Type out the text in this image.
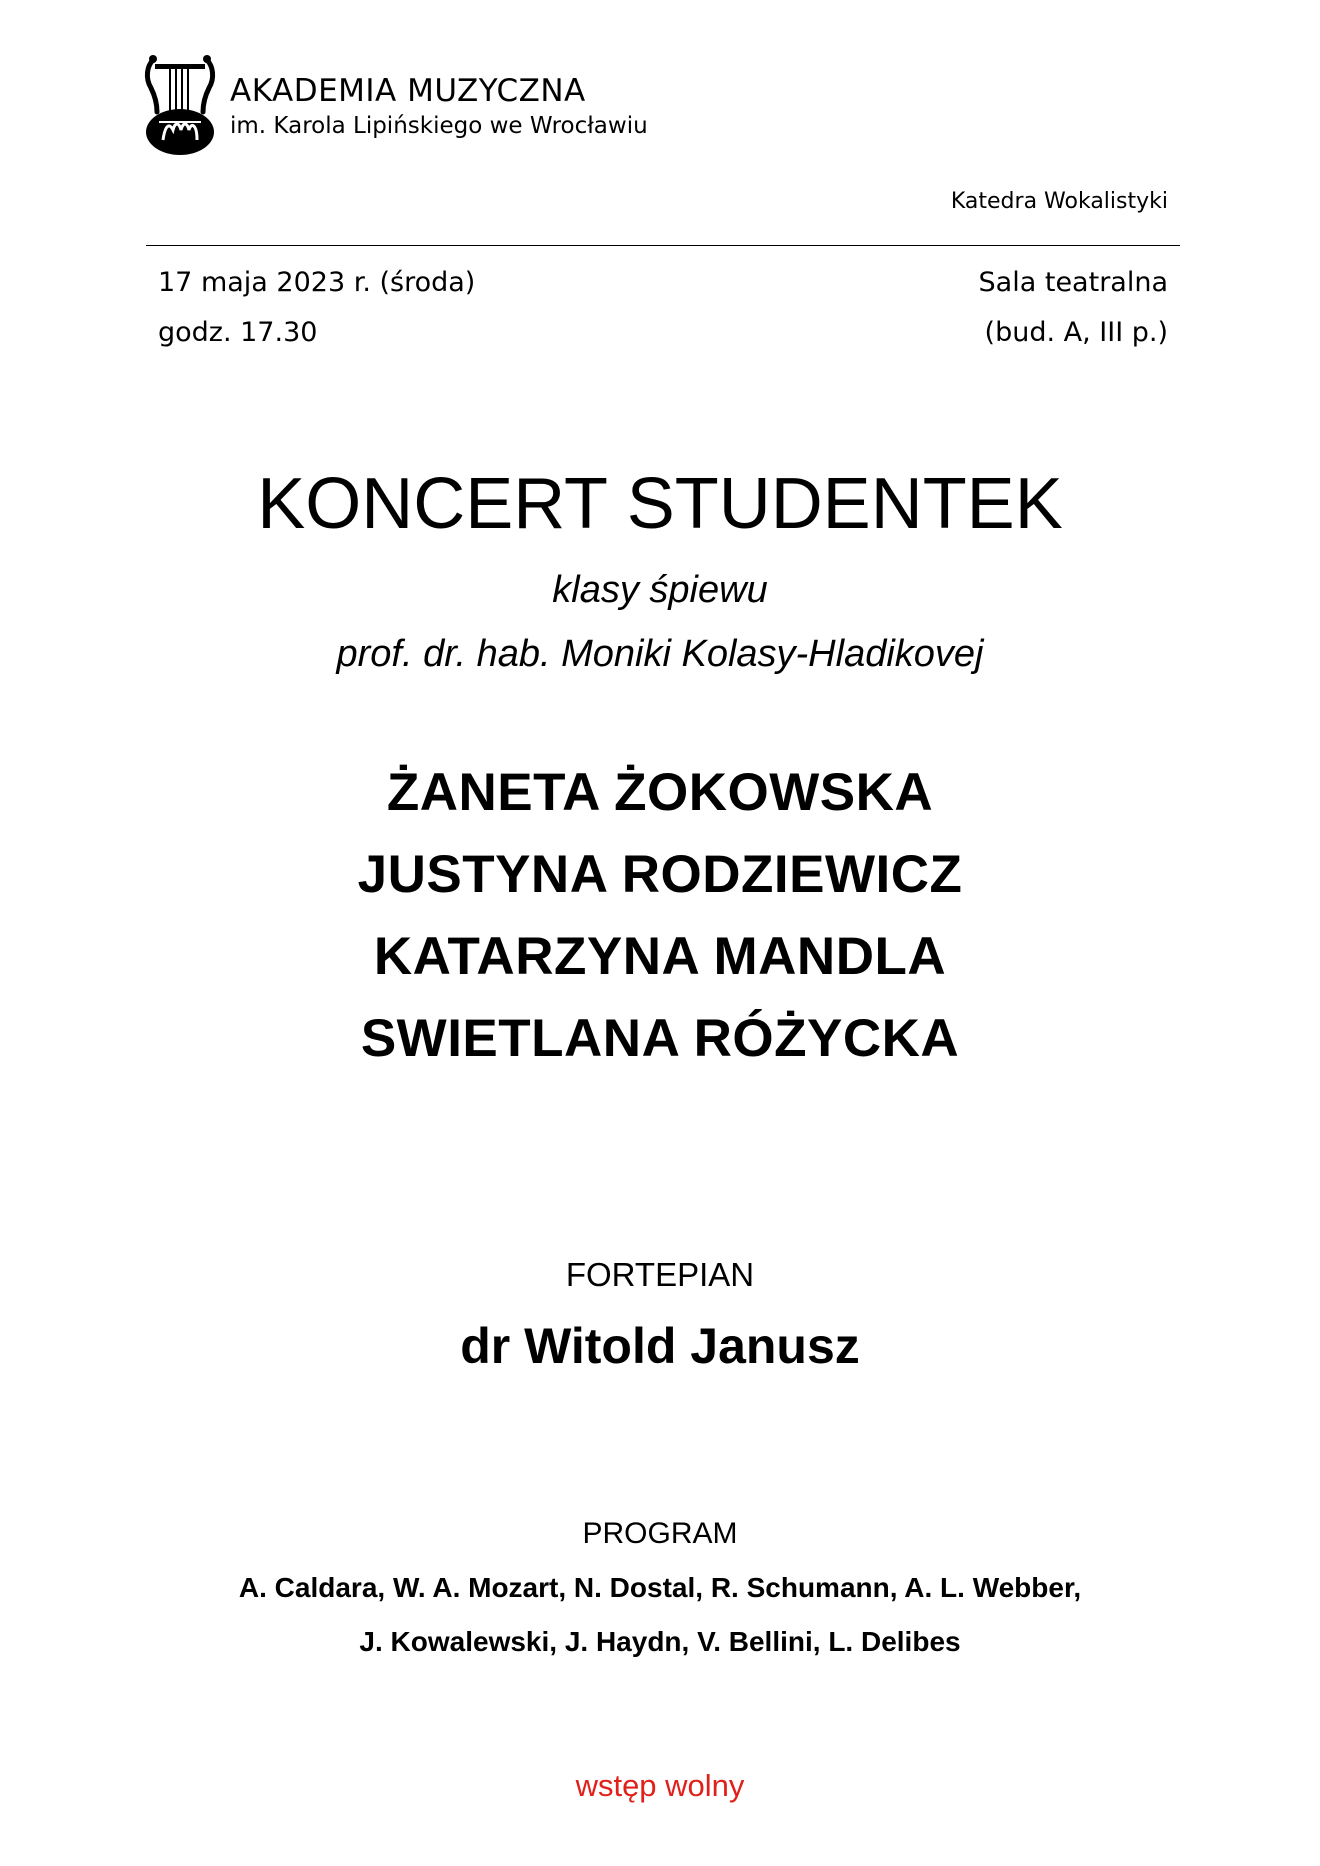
AKADEMIA MUZYCZNA
im. Karola Lipińskiego we Wrocławiu
Katedra Wokalistyki
17 maja 2023 r. (środa)
godz. 17.30
Sala teatralna
(bud. A, III p.)
KONCERT STUDENTEK
klasy śpiewu
prof. dr. hab. Moniki Kolasy-Hladikovej
ŻANETA ŻOKOWSKA
JUSTYNA RODZIEWICZ
KATARZYNA MANDLA
SWIETLANA RÓŻYCKA
FORTEPIAN
dr Witold Janusz
PROGRAM
A. Caldara, W. A. Mozart, N. Dostal, R. Schumann, A. L. Webber,
J. Kowalewski, J. Haydn, V. Bellini, L. Delibes
wstęp wolny
